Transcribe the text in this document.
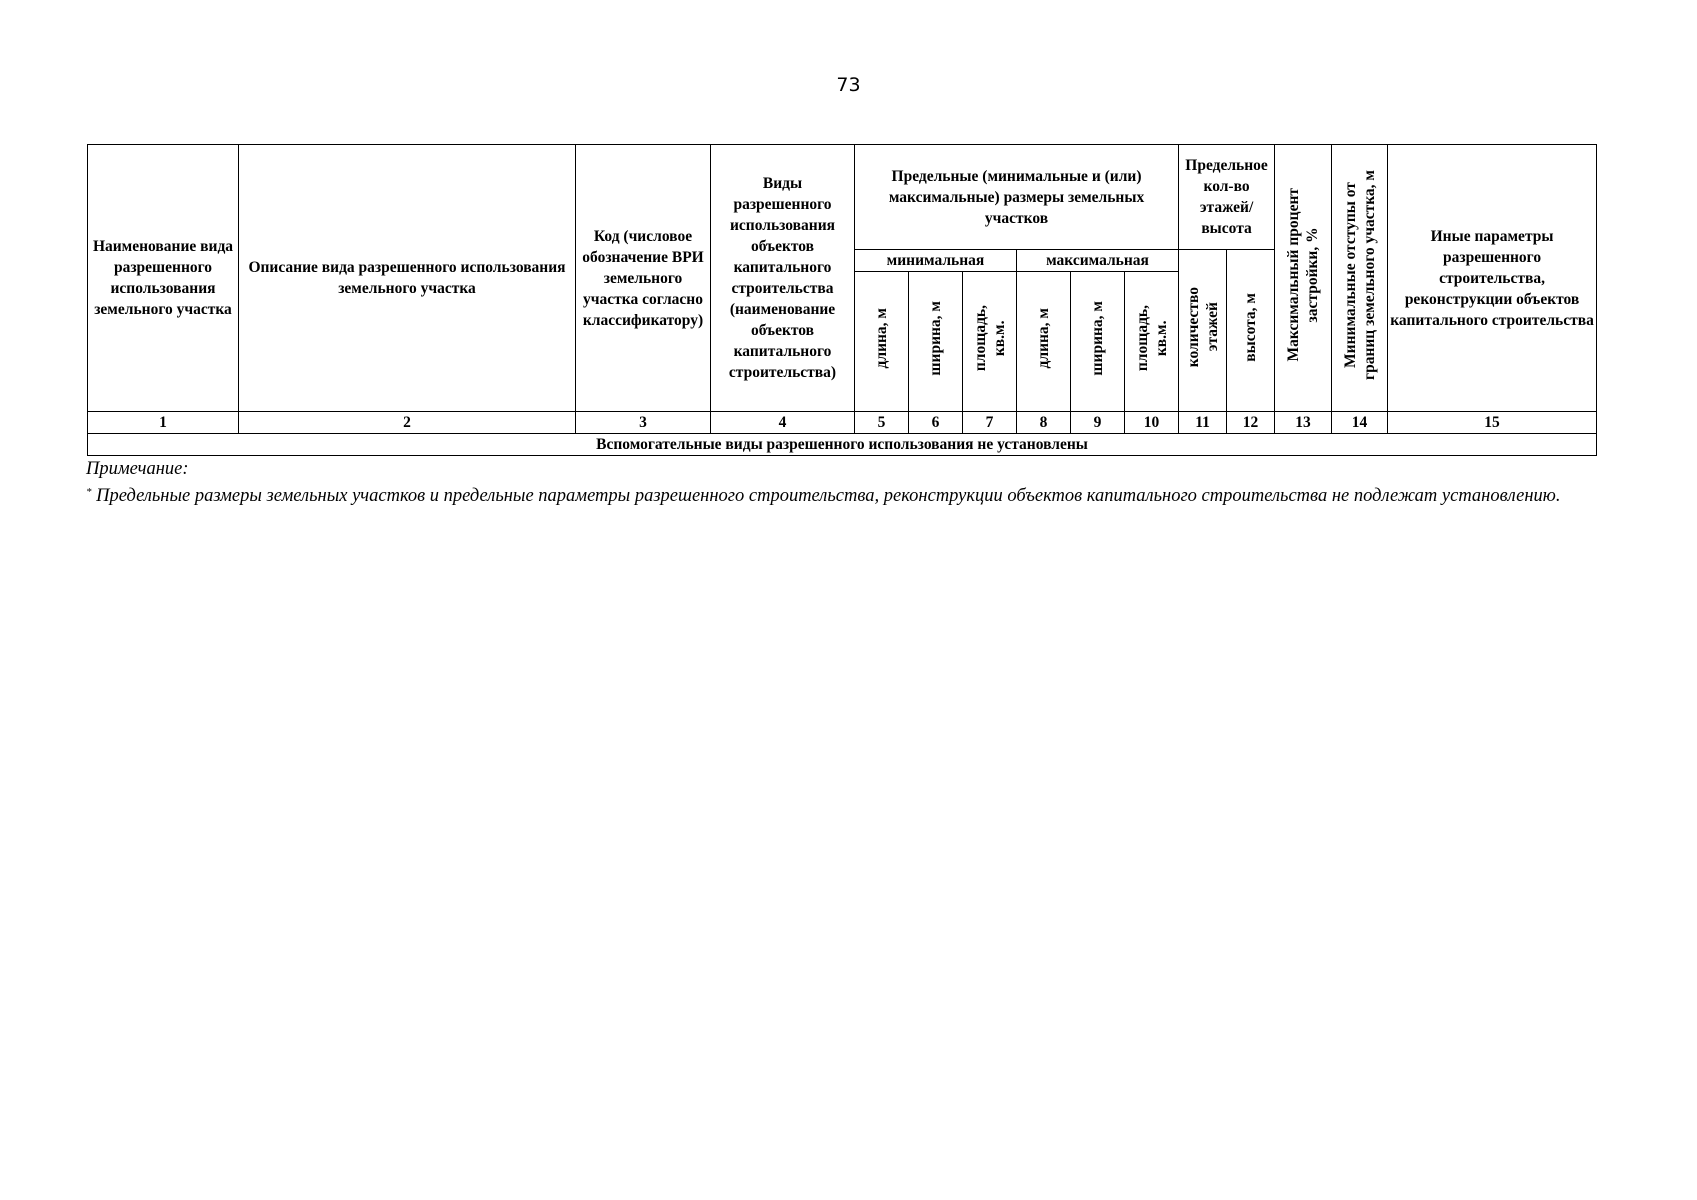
73
Наименование вида разрешенного использования земельного участка	Описание вида разрешенного использования земельного участка	Код (числовое обозначение ВРИ земельного участка согласно классификатору)	Виды разрешенного использования объектов капитального строительства (наименование объектов капитального строительства)	Предельные (минимальные и (или) максимальные) размеры земельных участков						Предельное кол-во этажей/ высота		Максимальный процент застройки, %	Минимальные отступы от границ земельного участка, м	Иные параметры разрешенного строительства, реконструкции объектов капитального строительства
				минимальная			максимальная			количество этажей	высота, м			
				длина, м	ширина, м	площадь, кв.м.	длина, м	ширина, м	площадь, кв.м.					
1	2	3	4	5	6	7	8	9	10	11	12	13	14	15
Вспомогательные виды разрешенного использования не установлены														
Примечание:
* Предельные размеры земельных участков и предельные параметры разрешенного строительства, реконструкции объектов капитального строительства не подлежат установлению.
